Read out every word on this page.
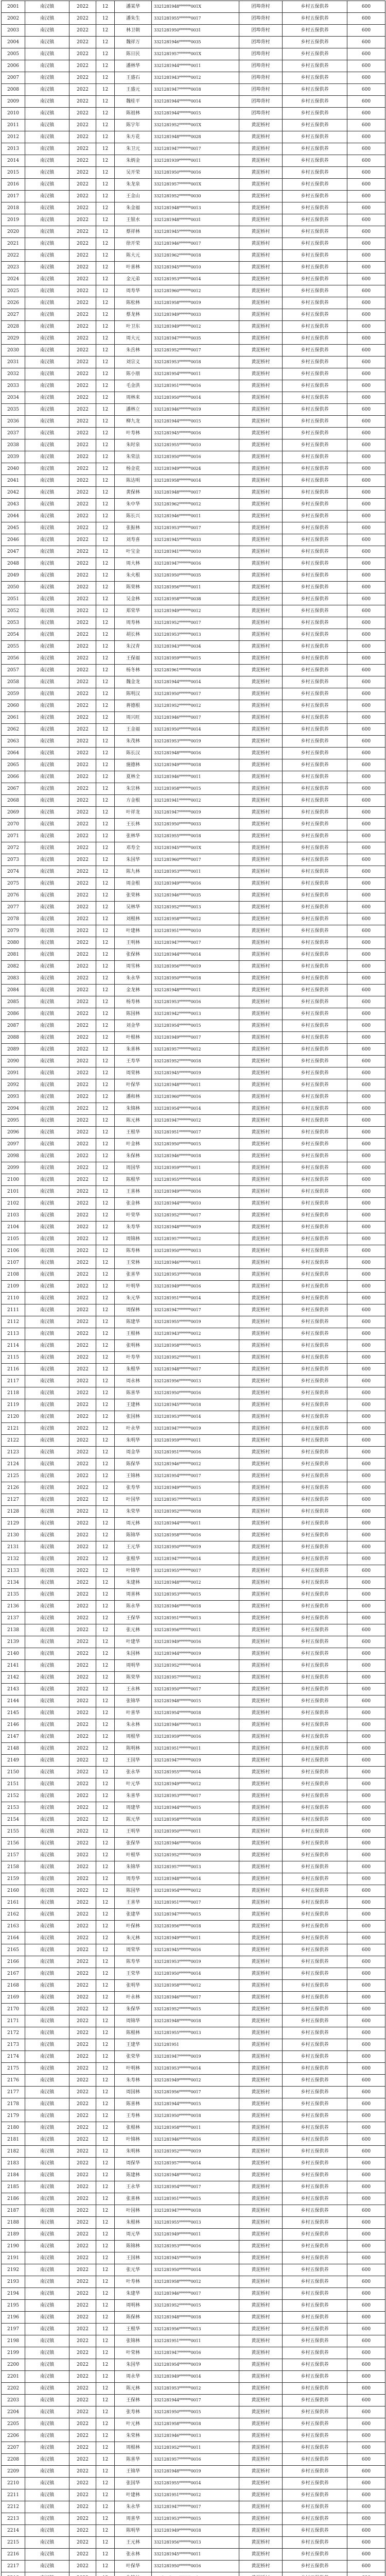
2001	南汉镇	2022	12	潘某华	3321281948******001X	团埠背村	乡村五保供养	600
2002	南汉镇	2022	12	潘朱生	3321281955******0017	团埠背村	乡村五保供养	600
2003	南汉镇	2022	12	林卫朝	3321281950******0031	团埠背村	乡村五保供养	600
2004	南汉镇	2022	12	魏祥万	3321281946******0035	团埠背村	乡村五保供养	600
2005	南汉镇	2022	12	陈日民	3321281957******001X	团埠背村	乡村五保供养	600
2006	南汉镇	2022	12	潘林华	3321281944******0011	团埠背村	乡村五保供养	600
2007	南汉镇	2022	12	王盛石	3321281943******0012	团埠背村	乡村五保供养	600
2008	南汉镇	2022	12	王盛元	3321281947******0018	团埠背村	乡村五保供养	600
2009	南汉镇	2022	12	魏桂平	3321281944******0014	团埠背村	乡村五保供养	600
2010	南汉镇	2022	12	陈祖林	3321281944******0015	团埠背村	乡村五保供养	600
2011	南汉镇	2022	12	陈宇年	3321281952******001X	黄泥桥村	乡村五保供养	600
2012	南汉镇	2022	12	朱方花	3321281948******0028	黄泥桥村	乡村五保供养	600
2013	南汉镇	2022	12	朱卫元	3321281947******0017	黄泥桥村	乡村五保供养	600
2014	南汉镇	2022	12	朱炳金	3321281939******0011	黄泥桥村	乡村五保供养	600
2015	南汉镇	2022	12	吴开荣	3321281950******0016	黄泥桥村	乡村五保供养	600
2016	南汉镇	2022	12	朱龙泉	3321281957******001X	黄泥桥村	乡村五保供养	600
2017	南汉镇	2022	12	王金山	3321281952******0030	黄泥桥村	乡村五保供养	600
2018	南汉镇	2022	12	朱金福	3321281948******0013	黄泥桥村	乡村五保供养	600
2019	南汉镇	2022	12	王银水	3321281948******0031	黄泥桥村	乡村五保供养	600
2020	南汉镇	2022	12	蔡祥林	3321281945******0018	黄泥桥村	乡村五保供养	600
2021	南汉镇	2022	12	徐开荣	3321281946******0017	黄泥桥村	乡村五保供养	600
2022	南汉镇	2022	12	陈大元	3321281962******0018	黄泥桥村	乡村五保供养	600
2023	南汉镇	2022	12	叶喜林	3321281945******0010	黄泥桥村	乡村五保供养	600
2024	南汉镇	2022	12	金元弟	3321281953******0014	黄泥桥村	乡村五保供养	600
2025	南汉镇	2022	12	周寿华	3321281960******0012	黄泥桥村	乡村五保供养	600
2026	南汉镇	2022	12	陈松林	3321281958******0019	黄泥桥村	乡村五保供养	600
2027	南汉镇	2022	12	蔡龙林	3321281949******0033	黄泥桥村	乡村五保供养	600
2028	南汉镇	2022	12	叶卫东	3321281949******0012	黄泥桥村	乡村五保供养	600
2029	南汉镇	2022	12	周大元	3321281947******0035	黄泥桥村	乡村五保供养	600
2030	南汉镇	2022	12	朱岳林	3321281952******0017	黄泥桥村	乡村五保供养	600
2031	南汉镇	2022	12	刘宗义	3321281953******0018	黄泥桥村	乡村五保供养	600
2032	南汉镇	2022	12	陈小朋	3321281954******0011	黄泥桥村	乡村五保供养	600
2033	南汉镇	2022	12	毛金洪	3321281951******0016	黄泥桥村	乡村五保供养	600
2034	南汉镇	2022	12	周林来	3321281950******0014	黄泥桥村	乡村五保供养	600
2035	南汉镇	2022	12	潘林立	3321281946******0019	黄泥桥村	乡村五保供养	600
2036	南汉镇	2022	12	柳九龙	3321281944******0015	黄泥桥村	乡村五保供养	600
2037	南汉镇	2022	12	叶寿林	3321281945******0016	黄泥桥村	乡村五保供养	600
2038	南汉镇	2022	12	朱时泉	3321281955******0010	黄泥桥村	乡村五保供养	600
2039	南汉镇	2022	12	朱荣法	3321281950******0016	黄泥桥村	乡村五保供养	600
2040	南汉镇	2022	12	杨金花	3321281949******0024	黄泥桥村	乡村五保供养	600
2041	南汉镇	2022	12	陈达明	3321281958******0014	黄泥桥村	乡村五保供养	600
2042	南汉镇	2022	12	黄保林	3321281948******0017	黄泥桥村	乡村五保供养	600
2043	南汉镇	2022	12	朱中华	3321281962******0012	黄泥桥村	乡村五保供养	600
2044	南汉镇	2022	12	陈长兴	3321281946******0011	黄泥桥村	乡村五保供养	600
2045	南汉镇	2022	12	张振林	3321281953******0017	黄泥桥村	乡村五保供养	600
2046	南汉镇	2022	12	刘寿喜	3321281945******0033	黄泥桥村	乡村五保供养	600
2047	南汉镇	2022	12	叶宝金	3321281941******0010	黄泥桥村	乡村五保供养	600
2048	南汉镇	2022	12	周大林	3321281947******0016	黄泥桥村	乡村五保供养	600
2049	南汉镇	2022	12	朱火根	3321281950******0035	黄泥桥村	乡村五保供养	600
2050	南汉镇	2022	12	陈荣林	3321281956******0011	黄泥桥村	乡村五保供养	600
2051	南汉镇	2022	12	吴金林	3321281958******0038	黄泥桥村	乡村五保供养	600
2052	南汉镇	2022	12	郑荣华	3321281949******0012	黄泥桥村	乡村五保供养	600
2053	南汉镇	2022	12	周寿林	3321281952******0017	黄泥桥村	乡村五保供养	600
2054	南汉镇	2022	12	胡长林	3321281953******0013	黄泥桥村	乡村五保供养	600
2055	南汉镇	2022	12	朱汉青	3321281943******0034	黄泥桥村	乡村五保供养	600
2056	南汉镇	2022	12	王保福	3321281959******0015	黄泥桥村	乡村五保供养	600
2057	南汉镇	2022	12	杨冬林	3321281961******0018	黄泥桥村	乡村五保供养	600
2058	南汉镇	2022	12	魏金龙	3321281944******0014	黄泥桥村	乡村五保供养	600
2059	南汉镇	2022	12	陈明汉	3321281950******0017	黄泥桥村	乡村五保供养	600
2060	南汉镇	2022	12	蒋德根	3321281952******0012	黄泥桥村	乡村五保供养	600
2061	南汉镇	2022	12	周兴旺	3321281946******0017	黄泥桥村	乡村五保供养	600
2062	南汉镇	2022	12	王金福	3321281950******0014	黄泥桥村	乡村五保供养	600
2063	南汉镇	2022	12	朱茂林	3321281953******0019	黄泥桥村	乡村五保供养	600
2064	南汉镇	2022	12	陈长汉	3321281948******0016	黄泥桥村	乡村五保供养	600
2065	南汉镇	2022	12	施德林	3321281949******0018	黄泥桥村	乡村五保供养	600
2066	南汉镇	2022	12	夏林全	3321281946******0011	黄泥桥村	乡村五保供养	600
2067	南汉镇	2022	12	朱宗林	3321281958******0015	黄泥桥村	乡村五保供养	600
2068	南汉镇	2022	12	方金根	3321281941******0012	黄泥桥村	乡村五保供养	600
2069	南汉镇	2022	12	叶祥龙	3321281947******0019	黄泥桥村	乡村五保供养	600
2070	南汉镇	2022	12	王长林	3321281950******0033	黄泥桥村	乡村五保供养	600
2071	南汉镇	2022	12	张林华	3321281955******0018	黄泥桥村	乡村五保供养	600
2072	南汉镇	2022	12	邓寿全	3321281945******001X	黄泥桥村	乡村五保供养	600
2073	南汉镇	2022	12	朱国华	3321281960******0017	黄泥桥村	乡村五保供养	600
2074	南汉镇	2022	12	陈九林	3321281953******0011	黄泥桥村	乡村五保供养	600
2075	南汉镇	2022	12	周金根	3321281949******0016	黄泥桥村	乡村五保供养	600
2076	南汉镇	2022	12	张荣林	3321281946******0035	黄泥桥村	乡村五保供养	600
2077	南汉镇	2022	12	吴林华	3321281952******0013	黄泥桥村	乡村五保供养	600
2078	南汉镇	2022	12	刘根林	3321281958******0012	黄泥桥村	乡村五保供养	600
2079	南汉镇	2022	12	叶建林	3321281951******0010	黄泥桥村	乡村五保供养	600
2080	南汉镇	2022	12	王明林	3321281947******0017	黄泥桥村	乡村五保供养	600
2081	南汉镇	2022	12	张保林	3321281944******0014	黄泥桥村	乡村五保供养	600
2082	南汉镇	2022	12	周雪林	3321281956******0019	黄泥桥村	乡村五保供养	600
2083	南汉镇	2022	12	朱永华	3321281950******0018	黄泥桥村	乡村五保供养	600
2084	南汉镇	2022	12	金龙林	3321281948******0011	黄泥桥村	乡村五保供养	600
2085	南汉镇	2022	12	杨寿林	3321281953******0016	黄泥桥村	乡村五保供养	600
2086	南汉镇	2022	12	陈国林	3321281942******0013	黄泥桥村	乡村五保供养	600
2087	南汉镇	2022	12	刘金华	3321281954******0015	黄泥桥村	乡村五保供养	600
2088	南汉镇	2022	12	叶根林	3321281949******0017	黄泥桥村	乡村五保供养	600
2089	南汉镇	2022	12	朱喜林	3321281957******0012	黄泥桥村	乡村五保供养	600
2090	南汉镇	2022	12	王寿华	3321281952******0018	黄泥桥村	乡村五保供养	600
2091	南汉镇	2022	12	周荣林	3321281945******0019	黄泥桥村	乡村五保供养	600
2092	南汉镇	2022	12	叶保华	3321281948******0011	黄泥桥村	乡村五保供养	600
2093	南汉镇	2022	12	潘和林	3321281960******0016	黄泥桥村	乡村五保供养	600
2094	南汉镇	2022	12	朱锦林	3321281954******0014	黄泥桥村	乡村五保供养	600
2095	南汉镇	2022	12	陈元林	3321281947******0012	黄泥桥村	乡村五保供养	600
2096	南汉镇	2022	12	王根华	3321281951******0017	黄泥桥村	乡村五保供养	600
2097	南汉镇	2022	12	叶金林	3321281950******0015	黄泥桥村	乡村五保供养	600
2098	南汉镇	2022	12	朱保林	3321281946******0018	黄泥桥村	乡村五保供养	600
2099	南汉镇	2022	12	周国华	3321281959******0011	黄泥桥村	乡村五保供养	600
2100	南汉镇	2022	12	陈根华	3321281955******0014	黄泥桥村	乡村五保供养	600
2101	南汉镇	2022	12	王喜林	3321281949******0016	黄泥桥村	乡村五保供养	600
2102	南汉镇	2022	12	张金林	3321281944******0010	黄泥桥村	乡村五保供养	600
2103	南汉镇	2022	12	叶荣华	3321281952******0017	黄泥桥村	乡村五保供养	600
2104	南汉镇	2022	12	朱寿华	3321281948******0019	黄泥桥村	乡村五保供养	600
2105	南汉镇	2022	12	周锦林	3321281957******0012	黄泥桥村	乡村五保供养	600
2106	南汉镇	2022	12	陈寿林	3321281950******0013	黄泥桥村	乡村五保供养	600
2107	南汉镇	2022	12	王荣林	3321281946******0011	黄泥桥村	乡村五保供养	600
2108	南汉镇	2022	12	张喜华	3321281953******0018	黄泥桥村	乡村五保供养	600
2109	南汉镇	2022	12	叶明华	3321281949******0016	黄泥桥村	乡村五保供养	600
2110	南汉镇	2022	12	朱元华	3321281951******0014	黄泥桥村	乡村五保供养	600
2111	南汉镇	2022	12	周保林	3321281947******0017	黄泥桥村	乡村五保供养	600
2112	南汉镇	2022	12	陈建华	3321281955******0019	黄泥桥村	乡村五保供养	600
2113	南汉镇	2022	12	王根林	3321281943******0012	黄泥桥村	乡村五保供养	600
2114	南汉镇	2022	12	张明林	3321281958******0015	黄泥桥村	乡村五保供养	600
2115	南汉镇	2022	12	叶寿华	3321281952******0011	黄泥桥村	乡村五保供养	600
2116	南汉镇	2022	12	朱根华	3321281948******0017	黄泥桥村	乡村五保供养	600
2117	南汉镇	2022	12	周永林	3321281956******0013	黄泥桥村	乡村五保供养	600
2118	南汉镇	2022	12	陈喜华	3321281950******0016	黄泥桥村	乡村五保供养	600
2119	南汉镇	2022	12	王建林	3321281945******0018	黄泥桥村	乡村五保供养	600
2120	南汉镇	2022	12	张国林	3321281953******0014	黄泥桥村	乡村五保供养	600
2121	南汉镇	2022	12	叶永华	3321281947******0019	黄泥桥村	乡村五保供养	600
2122	南汉镇	2022	12	朱明华	3321281959******0011	黄泥桥村	乡村五保供养	600
2123	南汉镇	2022	12	周金华	3321281951******0016	黄泥桥村	乡村五保供养	600
2124	南汉镇	2022	12	陈保华	3321281946******0012	黄泥桥村	乡村五保供养	600
2125	南汉镇	2022	12	王锦林	3321281954******0017	黄泥桥村	乡村五保供养	600
2126	南汉镇	2022	12	张寿华	3321281949******0015	黄泥桥村	乡村五保供养	600
2127	南汉镇	2022	12	叶国华	3321281957******0013	黄泥桥村	乡村五保供养	600
2128	南汉镇	2022	12	朱荣华	3321281952******0018	黄泥桥村	乡村五保供养	600
2129	南汉镇	2022	12	周元林	3321281944******0011	黄泥桥村	乡村五保供养	600
2130	南汉镇	2022	12	陈锦华	3321281958******0016	黄泥桥村	乡村五保供养	600
2131	南汉镇	2022	12	王元华	3321281950******0019	黄泥桥村	乡村五保供养	600
2132	南汉镇	2022	12	张根华	3321281947******0014	黄泥桥村	乡村五保供养	600
2133	南汉镇	2022	12	叶锦华	3321281955******0017	黄泥桥村	乡村五保供养	600
2134	南汉镇	2022	12	朱建林	3321281948******0012	黄泥桥村	乡村五保供养	600
2135	南汉镇	2022	12	周喜林	3321281953******0015	黄泥桥村	乡村五保供养	600
2136	南汉镇	2022	12	陈永华	3321281946******0018	黄泥桥村	乡村五保供养	600
2137	南汉镇	2022	12	王保华	3321281951******0013	黄泥桥村	乡村五保供养	600
2138	南汉镇	2022	12	张元林	3321281956******0011	黄泥桥村	乡村五保供养	600
2139	南汉镇	2022	12	叶建华	3321281949******0016	黄泥桥村	乡村五保供养	600
2140	南汉镇	2022	12	朱国林	3321281944******0019	黄泥桥村	乡村五保供养	600
2141	南汉镇	2022	12	周明华	3321281952******0014	黄泥桥村	乡村五保供养	600
2142	南汉镇	2022	12	陈荣华	3321281957******0012	黄泥桥村	乡村五保供养	600
2143	南汉镇	2022	12	王永林	3321281950******0017	黄泥桥村	乡村五保供养	600
2144	南汉镇	2022	12	张锦华	3321281948******0015	黄泥桥村	乡村五保供养	600
2145	南汉镇	2022	12	叶喜华	3321281954******0018	黄泥桥村	乡村五保供养	600
2146	南汉镇	2022	12	朱永林	3321281946******0013	黄泥桥村	乡村五保供养	600
2147	南汉镇	2022	12	周根华	3321281959******0016	黄泥桥村	乡村五保供养	600
2148	南汉镇	2022	12	陈明林	3321281951******0011	黄泥桥村	乡村五保供养	600
2149	南汉镇	2022	12	王国华	3321281947******0019	黄泥桥村	乡村五保供养	600
2150	南汉镇	2022	12	张永华	3321281955******0014	黄泥桥村	乡村五保供养	600
2151	南汉镇	2022	12	叶元华	3321281949******0012	黄泥桥村	乡村五保供养	600
2152	南汉镇	2022	12	朱喜华	3321281953******0017	黄泥桥村	乡村五保供养	600
2153	南汉镇	2022	12	周建华	3321281944******0015	黄泥桥村	乡村五保供养	600
2154	南汉镇	2022	12	陈元华	3321281958******0018	黄泥桥村	乡村五保供养	600
2155	南汉镇	2022	12	王明华	3321281950******0011	黄泥桥村	乡村五保供养	600
2156	南汉镇	2022	12	张保华	3321281946******0016	黄泥桥村	乡村五保供养	600
2157	南汉镇	2022	12	叶根华	3321281952******0019	黄泥桥村	乡村五保供养	600
2158	南汉镇	2022	12	朱锦华	3321281957******0013	黄泥桥村	乡村五保供养	600
2159	南汉镇	2022	12	周寿华	3321281948******0014	黄泥桥村	乡村五保供养	600
2160	南汉镇	2022	12	陈国华	3321281954******0012	黄泥桥村	乡村五保供养	600
2161	南汉镇	2022	12	王喜华	3321281951******0017	黄泥桥村	乡村五保供养	600
2162	南汉镇	2022	12	张建华	3321281947******0015	黄泥桥村	乡村五保供养	600
2163	南汉镇	2022	12	叶保林	3321281956******0018	黄泥桥村	乡村五保供养	600
2164	南汉镇	2022	12	朱元林	3321281949******0011	黄泥桥村	乡村五保供养	600
2165	南汉镇	2022	12	周荣华	3321281945******0016	黄泥桥村	乡村五保供养	600
2166	南汉镇	2022	12	陈寿华	3321281953******0019	黄泥桥村	乡村五保供养	600
2167	南汉镇	2022	12	王荣华	3321281950******0014	黄泥桥村	乡村五保供养	600
2168	南汉镇	2022	12	张明华	3321281958******0012	黄泥桥村	乡村五保供养	600
2169	南汉镇	2022	12	叶永林	3321281946******0017	黄泥桥村	乡村五保供养	600
2170	南汉镇	2022	12	朱保华	3321281952******0015	黄泥桥村	乡村五保供养	600
2171	南汉镇	2022	12	周锦华	3321281948******0018	黄泥桥村	乡村五保供养	600
2172	南汉镇	2022	12	陈根林	3321281955******0013	黄泥桥村	乡村五保供养	600
2173	南汉镇	2022	12	王建华	3321281951	黄泥桥村	乡村五保供养	600
2174	南汉镇	2022	12	张荣华	3321281947******0019	黄泥桥村	乡村五保供养	600
2175	南汉镇	2022	12	叶明林	3321281953******0014	黄泥桥村	乡村五保供养	600
2176	南汉镇	2022	12	朱寿林	3321281949******0012	黄泥桥村	乡村五保供养	600
2177	南汉镇	2022	12	周国林	3321281956******0017	黄泥桥村	乡村五保供养	600
2178	南汉镇	2022	12	陈喜林	3321281944******0015	黄泥桥村	乡村五保供养	600
2179	南汉镇	2022	12	王寿林	3321281950******0018	黄泥桥村	乡村五保供养	600
2180	南汉镇	2022	12	张根林	3321281958******0011	黄泥桥村	乡村五保供养	600
2181	南汉镇	2022	12	叶锦林	3321281946******0016	黄泥桥村	乡村五保供养	600
2182	南汉镇	2022	12	朱明林	3321281952******0019	黄泥桥村	乡村五保供养	600
2183	南汉镇	2022	12	周保华	3321281957******0014	黄泥桥村	乡村五保供养	600
2184	南汉镇	2022	12	陈建林	3321281948******0012	黄泥桥村	乡村五保供养	600
2185	南汉镇	2022	12	王永华	3321281954******0017	黄泥桥村	乡村五保供养	600
2186	南汉镇	2022	12	张喜林	3321281951******0015	黄泥桥村	乡村五保供养	600
2187	南汉镇	2022	12	叶国林	3321281947******0018	黄泥桥村	乡村五保供养	600
2188	南汉镇	2022	12	朱根林	3321281955******0013	黄泥桥村	乡村五保供养	600
2189	南汉镇	2022	12	周元华	3321281949******0011	黄泥桥村	乡村五保供养	600
2190	南汉镇	2022	12	陈锦林	3321281953******0016	黄泥桥村	乡村五保供养	600
2191	南汉镇	2022	12	王国林	3321281945******0019	黄泥桥村	乡村五保供养	600
2192	南汉镇	2022	12	张元华	3321281950******0014	黄泥桥村	乡村五保供养	600
2193	南汉镇	2022	12	叶寿林	3321281958******0012	黄泥桥村	乡村五保供养	600
2194	南汉镇	2022	12	朱建华	3321281946******0017	黄泥桥村	乡村五保供养	600
2195	南汉镇	2022	12	周明林	3321281952******0015	黄泥桥村	乡村五保供养	600
2196	南汉镇	2022	12	陈保林	3321281948******0018	黄泥桥村	乡村五保供养	600
2197	南汉镇	2022	12	王根华	3321281956******0013	黄泥桥村	乡村五保供养	600
2198	南汉镇	2022	12	张锦林	3321281951******0011	黄泥桥村	乡村五保供养	600
2199	南汉镇	2022	12	叶荣林	3321281947******0016	黄泥桥村	乡村五保供养	600
2200	南汉镇	2022	12	朱国华	3321281954******0019	黄泥桥村	乡村五保供养	600
2201	南汉镇	2022	12	周永华	3321281949******0014	黄泥桥村	乡村五保供养	600
2202	南汉镇	2022	12	陈元林	3321281953******0012	黄泥桥村	乡村五保供养	600
2203	南汉镇	2022	12	王保林	3321281944******0017	黄泥桥村	乡村五保供养	600
2204	南汉镇	2022	12	张寿林	3321281950******0015	黄泥桥村	乡村五保供养	600
2205	南汉镇	2022	12	叶元林	3321281958******0018	黄泥桥村	乡村五保供养	600
2206	南汉镇	2022	12	朱荣林	3321281946******0013	黄泥桥村	乡村五保供养	600
2207	南汉镇	2022	12	周根林	3321281952******0011	黄泥桥村	乡村五保供养	600
2208	南汉镇	2022	12	陈喜华	3321281957******0016	黄泥桥村	乡村五保供养	600
2209	南汉镇	2022	12	王锦华	3321281948******0019	黄泥桥村	乡村五保供养	600
2210	南汉镇	2022	12	张国华	3321281955******0014	黄泥桥村	乡村五保供养	600
2211	南汉镇	2022	12	叶建林	3321281951******0012	黄泥桥村	乡村五保供养	600
2212	南汉镇	2022	12	朱永华	3321281947******0017	黄泥桥村	乡村五保供养	600
2213	南汉镇	2022	12	周喜华	3321281953******0015	黄泥桥村	乡村五保供养	600
2214	南汉镇	2022	12	陈明华	3321281949******0018	黄泥桥村	乡村五保供养	600
2215	南汉镇	2022	12	王元林	3321281956******0013	黄泥桥村	乡村五保供养	600
2216	南汉镇	2022	12	张永林	3321281945******0011	黄泥桥村	乡村五保供养	600
2217	南汉镇	2022	12	叶保华	3321281950******0016	黄泥桥村	乡村五保供养	600
